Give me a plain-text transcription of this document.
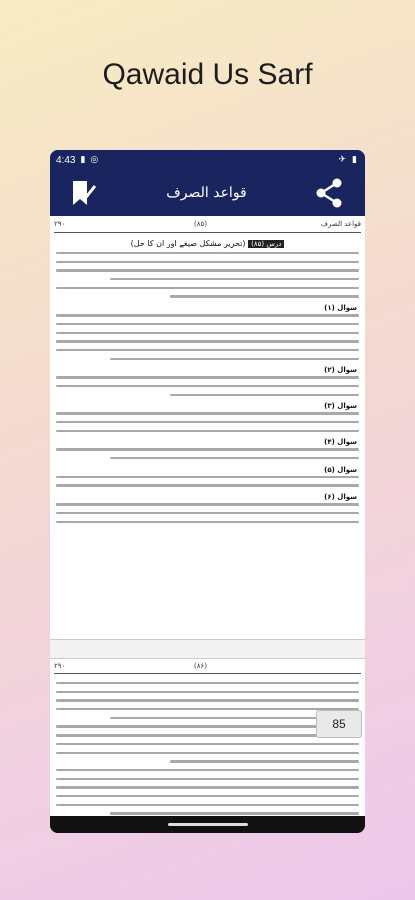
Qawaid Us Sarf
4:43 ▮ ◎	✈ ▮
قواعد الصرف
۲۹۰	(۸۵)	قواعد الصرف
(تحریر مشکل صیغے اور ان کا حل) درس (۸۵)
سوال (۱)
سوال (۲)
سوال (۳)
سوال (۴)
سوال (۵)
سوال (۶)
۲۹۰	(۸۶)
85
